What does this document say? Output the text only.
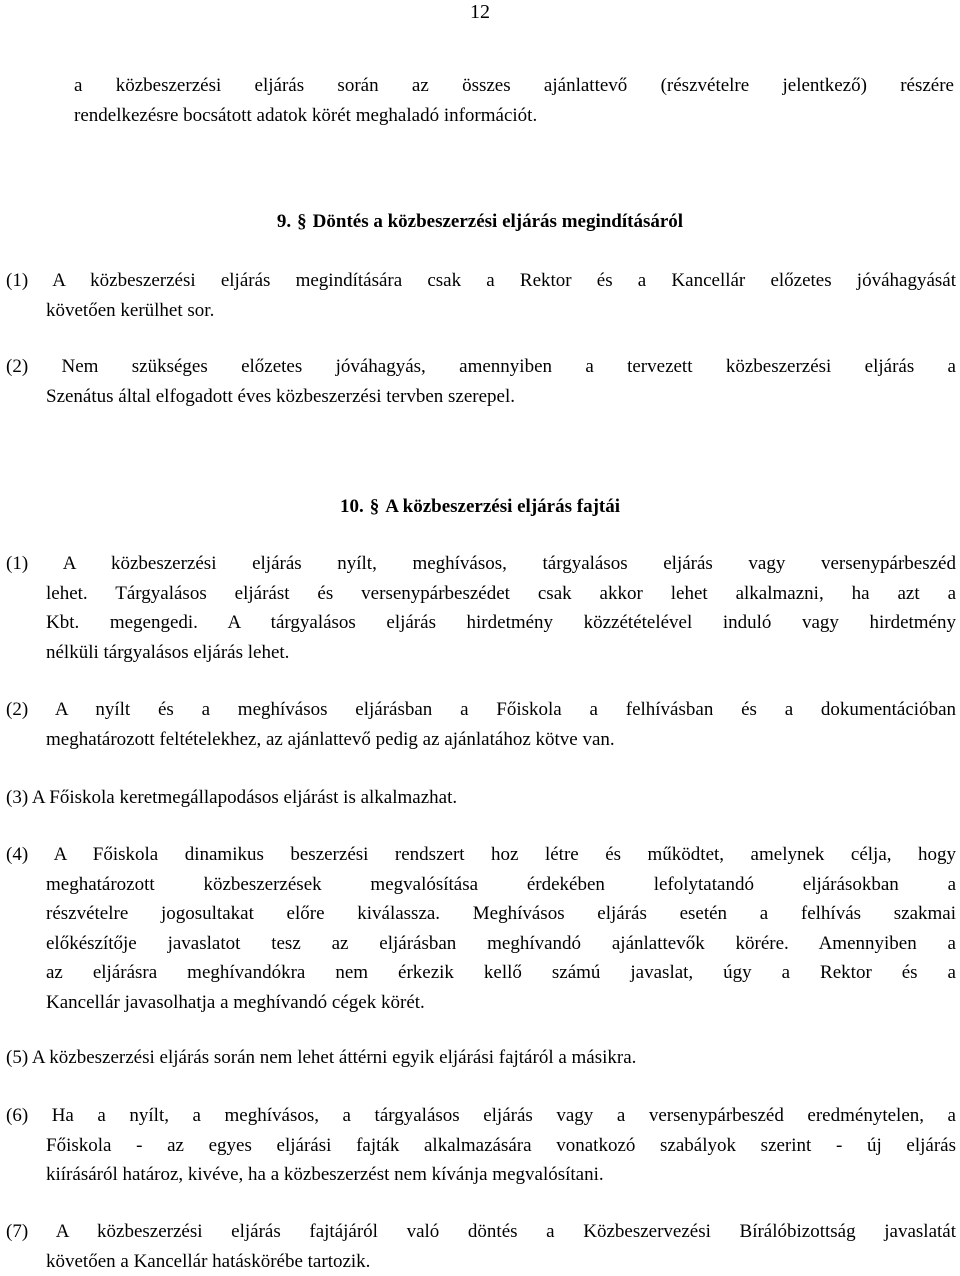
12
a közbeszerzési eljárás során az összes ajánlattevő (részvételre jelentkező) részére
rendelkezésre bocsátott adatok körét meghaladó információt.
9. § Döntés a közbeszerzési eljárás megindításáról
(1) A közbeszerzési eljárás megindítására csak a Rektor és a Kancellár előzetes jóváhagyását
követően kerülhet sor.
(2) Nem szükséges előzetes jóváhagyás, amennyiben a tervezett közbeszerzési eljárás a
Szenátus által elfogadott éves közbeszerzési tervben szerepel.
10. § A közbeszerzési eljárás fajtái
(1) A közbeszerzési eljárás nyílt, meghívásos, tárgyalásos eljárás vagy versenypárbeszéd
lehet. Tárgyalásos eljárást és versenypárbeszédet csak akkor lehet alkalmazni, ha azt a
Kbt. megengedi. A tárgyalásos eljárás hirdetmény közzétételével induló vagy hirdetmény
nélküli tárgyalásos eljárás lehet.
(2) A nyílt és a meghívásos eljárásban a Főiskola a felhívásban és a dokumentációban
meghatározott feltételekhez, az ajánlattevő pedig az ajánlatához kötve van.
(3) A Főiskola keretmegállapodásos eljárást is alkalmazhat.
(4) A Főiskola dinamikus beszerzési rendszert hoz létre és működtet, amelynek célja, hogy
meghatározott közbeszerzések megvalósítása érdekében lefolytatandó eljárásokban a
részvételre jogosultakat előre kiválassza. Meghívásos eljárás esetén a felhívás szakmai
előkészítője javaslatot tesz az eljárásban meghívandó ajánlattevők körére. Amennyiben a
az eljárásra meghívandókra nem érkezik kellő számú javaslat, úgy a Rektor és a
Kancellár javasolhatja a meghívandó cégek körét.
(5) A közbeszerzési eljárás során nem lehet áttérni egyik eljárási fajtáról a másikra.
(6) Ha a nyílt, a meghívásos, a tárgyalásos eljárás vagy a versenypárbeszéd eredménytelen, a
Főiskola - az egyes eljárási fajták alkalmazására vonatkozó szabályok szerint - új eljárás
kiírásáról határoz, kivéve, ha a közbeszerzést nem kívánja megvalósítani.
(7) A közbeszerzési eljárás fajtájáról való döntés a Közbeszervezési Bírálóbizottság javaslatát
követően a Kancellár hatáskörébe tartozik.
